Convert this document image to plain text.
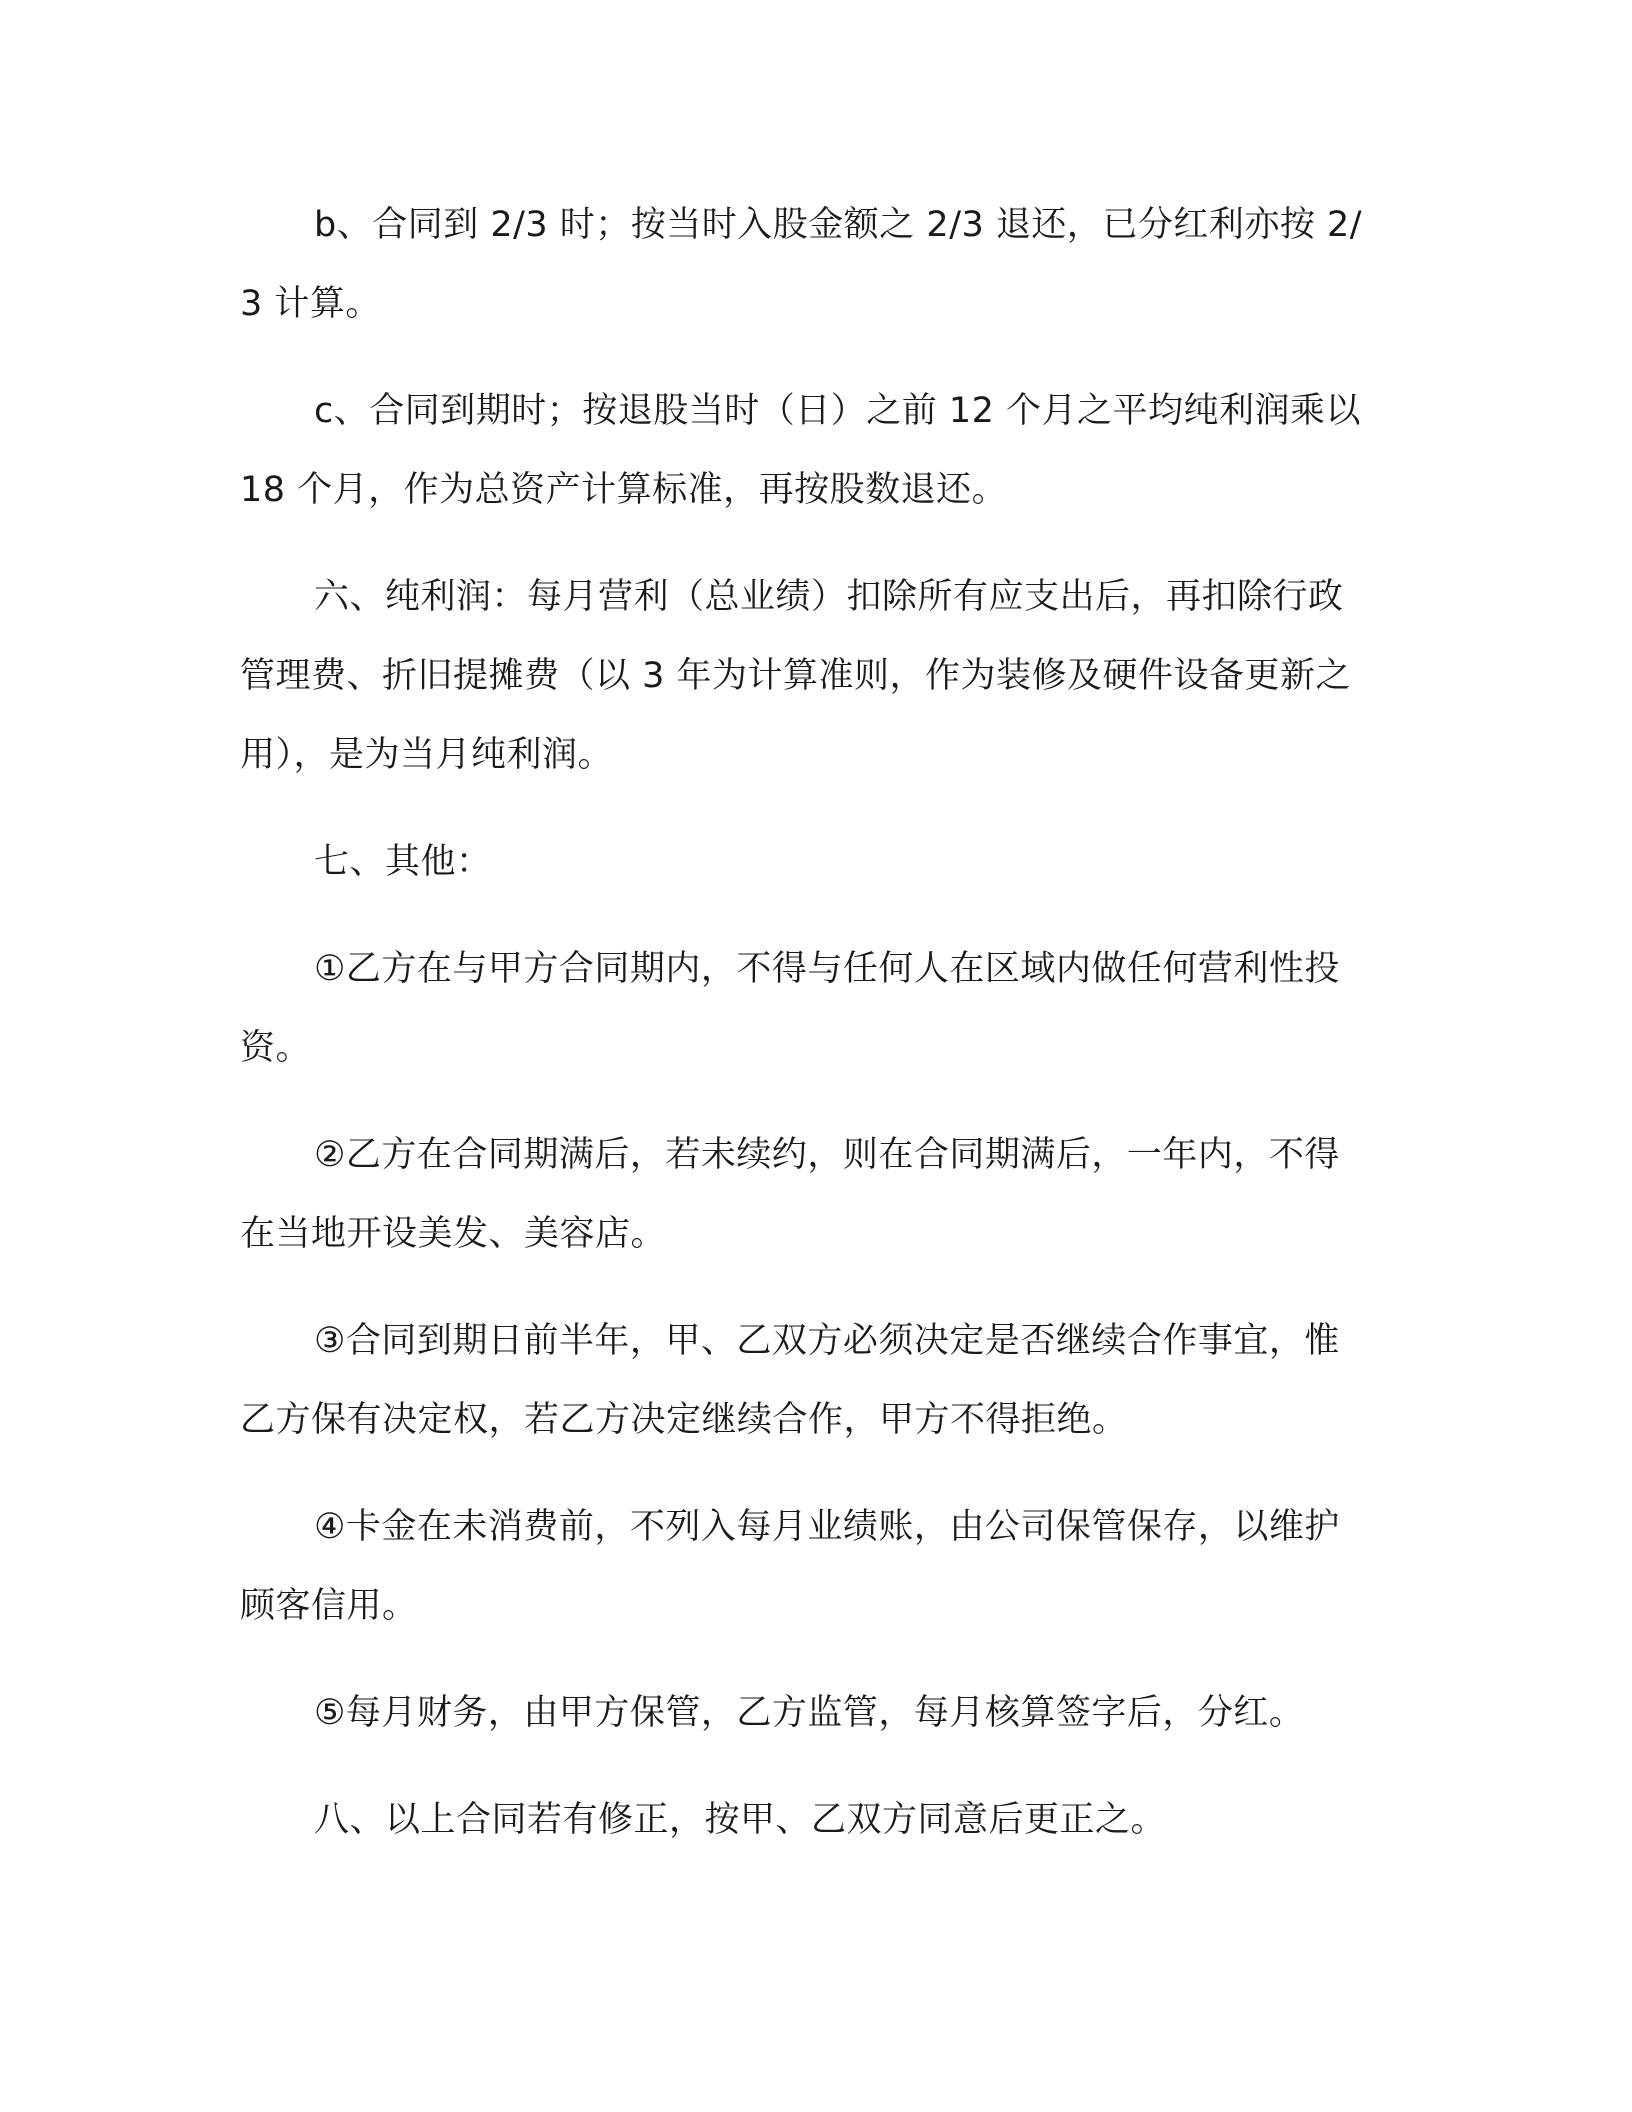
b、合同到 2/3 时；按当时入股金额之 2/3 退还，已分红利亦按 2/3 计算。

c、合同到期时；按退股当时（日）之前 12 个月之平均纯利润乘以 18 个月，作为总资产计算标准，再按股数退还。

六、纯利润：每月营利（总业绩）扣除所有应支出后，再扣除行政管理费、折旧提摊费（以 3 年为计算准则，作为装修及硬件设备更新之用），是为当月纯利润。

七、其他：

①乙方在与甲方合同期内，不得与任何人在区域内做任何营利性投资。

②乙方在合同期满后，若未续约，则在合同期满后，一年内，不得在当地开设美发、美容店。

③合同到期日前半年，甲、乙双方必须决定是否继续合作事宜，惟乙方保有决定权，若乙方决定继续合作，甲方不得拒绝。

④卡金在未消费前，不列入每月业绩账，由公司保管保存，以维护顾客信用。

⑤每月财务，由甲方保管，乙方监管，每月核算签字后，分红。

八、以上合同若有修正，按甲、乙双方同意后更正之。
